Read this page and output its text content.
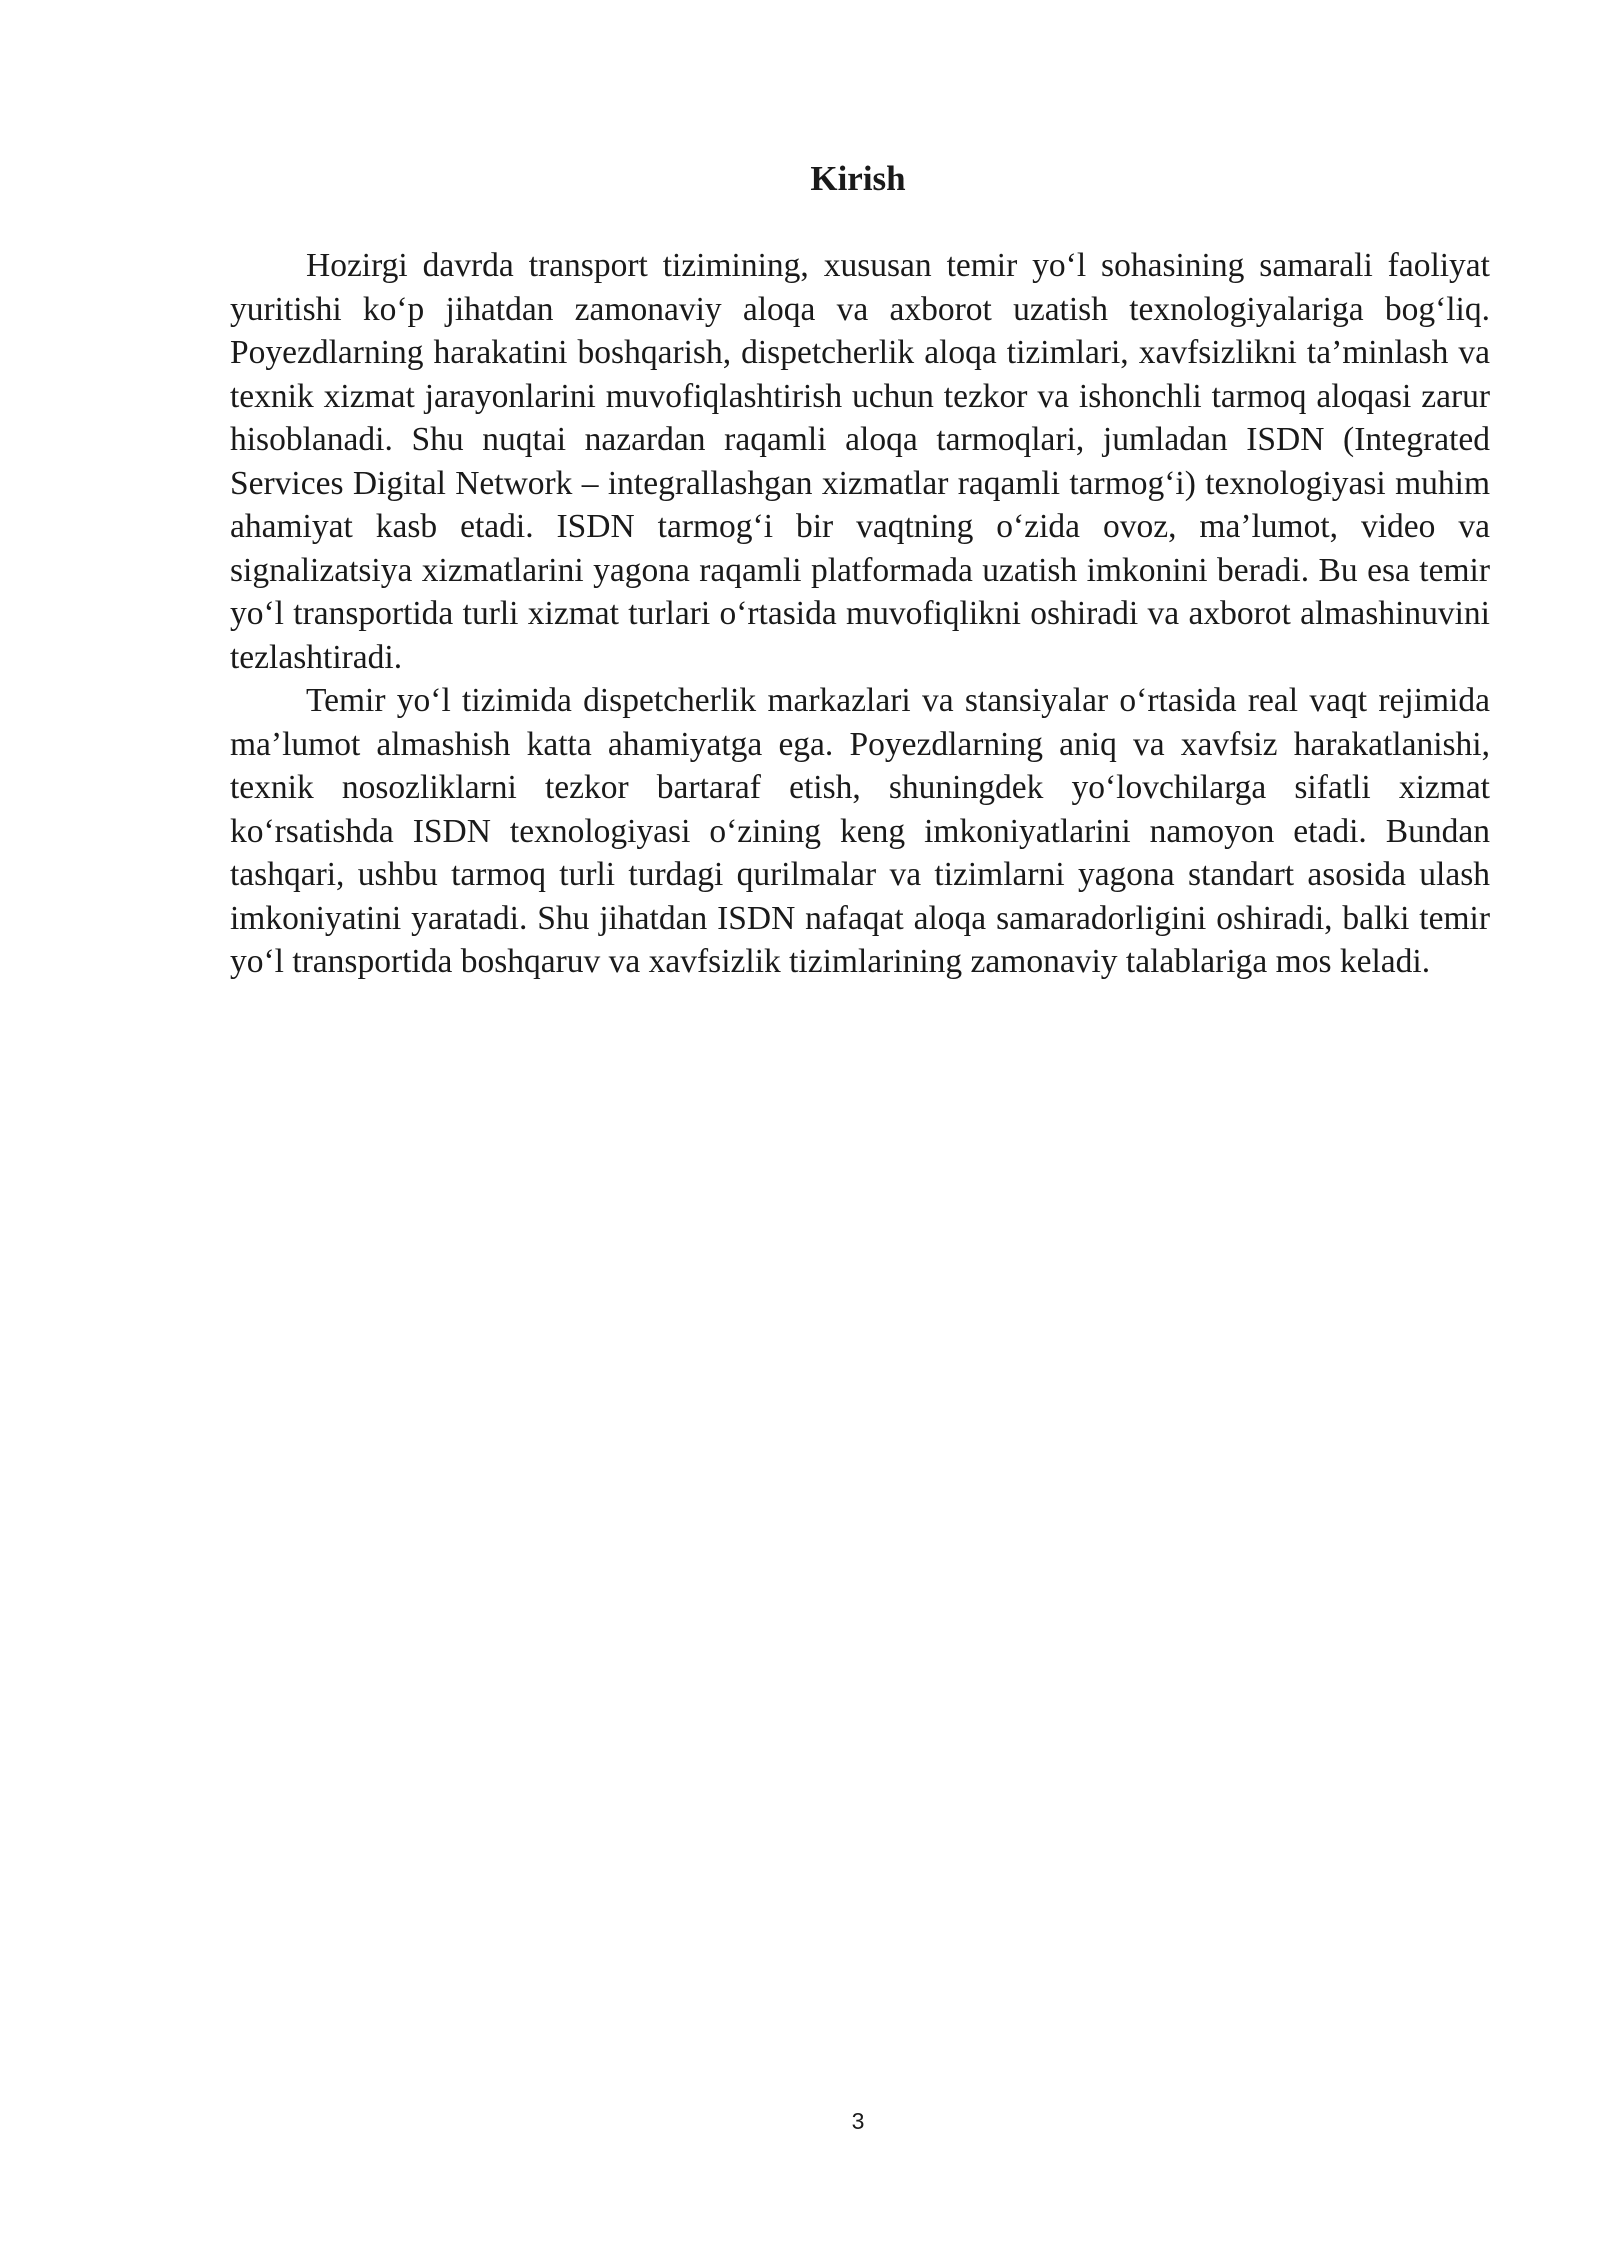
Kirish

Hozirgi davrda transport tizimining, xususan temir yo‘l sohasining samarali faoliyat yuritishi ko‘p jihatdan zamonaviy aloqa va axborot uzatish texnologiyalariga bog‘liq. Poyezdlarning harakatini boshqarish, dispetcherlik aloqa tizimlari, xavfsizlikni ta’minlash va texnik xizmat jarayonlarini muvofiqlashtirish uchun tezkor va ishonchli tarmoq aloqasi zarur hisoblanadi. Shu nuqtai nazardan raqamli aloqa tarmoqlari, jumladan ISDN (Integrated Services Digital Network – integrallashgan xizmatlar raqamli tarmog‘i) texnologiyasi muhim ahamiyat kasb etadi. ISDN tarmog‘i bir vaqtning o‘zida ovoz, ma’lumot, video va signalizatsiya xizmatlarini yagona raqamli platformada uzatish imkonini beradi. Bu esa temir yo‘l transportida turli xizmat turlari o‘rtasida muvofiqlikni oshiradi va axborot almashinuvini tezlashtiradi.

Temir yo‘l tizimida dispetcherlik markazlari va stansiyalar o‘rtasida real vaqt rejimida ma’lumot almashish katta ahamiyatga ega. Poyezdlarning aniq va xavfsiz harakatlanishi, texnik nosozliklarni tezkor bartaraf etish, shuningdek yo‘lovchilarga sifatli xizmat ko‘rsatishda ISDN texnologiyasi o‘zining keng imkoniyatlarini namoyon etadi. Bundan tashqari, ushbu tarmoq turli turdagi qurilmalar va tizimlarni yagona standart asosida ulash imkoniyatini yaratadi. Shu jihatdan ISDN nafaqat aloqa samaradorligini oshiradi, balki temir yo‘l transportida boshqaruv va xavfsizlik tizimlarining zamonaviy talablariga mos keladi.

3
